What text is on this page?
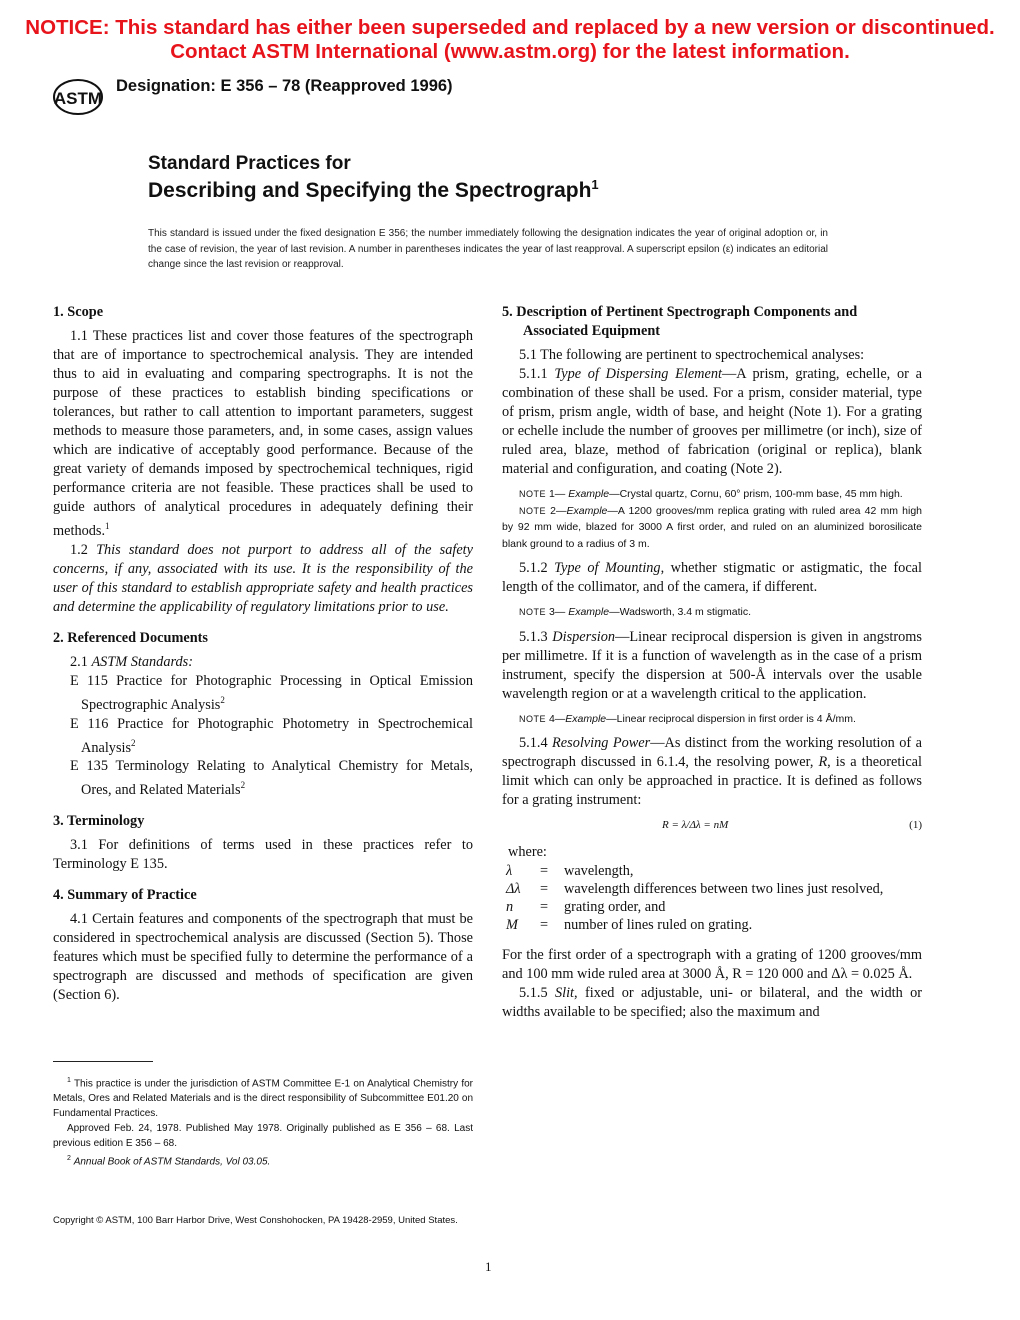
NOTICE: This standard has either been superseded and replaced by a new version or discontinued.
Contact ASTM International (www.astm.org) for the latest information.
ASTM
Designation: E 356 – 78 (Reapproved 1996)
Standard Practices for
Describing and Specifying the Spectrograph$^1$
This standard is issued under the fixed designation E 356; the number immediately following the designation indicates the year of original adoption or, in the case of revision, the year of last revision. A number in parentheses indicates the year of last reapproval. A superscript epsilon (ε) indicates an editorial change since the last revision or reapproval.
1. Scope

1.1 These practices list and cover those features of the spectrograph that are of importance to spectrochemical analysis. They are intended thus to aid in evaluating and comparing spectrographs. It is not the purpose of these practices to establish binding specifications or tolerances, but rather to call attention to important parameters, suggest methods to measure those parameters, and, in some cases, assign values which are indicative of acceptably good performance. Because of the great variety of demands imposed by spectrochemical techniques, rigid performance criteria are not feasible. These practices shall be used to guide authors of analytical procedures in adequately defining their methods.$^1$

1.2 This standard does not purport to address all of the safety concerns, if any, associated with its use. It is the responsibility of the user of this standard to establish appropriate safety and health practices and determine the applicability of regulatory limitations prior to use.

2. Referenced Documents

2.1 ASTM Standards:

E 115 Practice for Photographic Processing in Optical Emission Spectrographic Analysis$^2$

E 116 Practice for Photographic Photometry in Spectrochemical Analysis$^2$

E 135 Terminology Relating to Analytical Chemistry for Metals, Ores, and Related Materials$^2$

3. Terminology

3.1 For definitions of terms used in these practices refer to Terminology E 135.

4. Summary of Practice

4.1 Certain features and components of the spectrograph that must be considered in spectrochemical analysis are discussed (Section 5). Those features which must be specified fully to determine the performance of a spectrograph are discussed and methods of specification are given (Section 6).

5. Description of Pertinent Spectrograph Components and Associated Equipment

5.1 The following are pertinent to spectrochemical analyses:

5.1.1 Type of Dispersing Element—A prism, grating, echelle, or a combination of these shall be used. For a prism, consider material, type of prism, prism angle, width of base, and height (Note 1). For a grating or echelle include the number of grooves per millimetre (or inch), size of ruled area, blaze, method of fabrication (original or replica), blank material and configuration, and coating (Note 2).

NOTE 1— Example—Crystal quartz, Cornu, 60° prism, 100-mm base, 45 mm high.

NOTE 2—Example—A 1200 grooves/mm replica grating with ruled area 42 mm high by 92 mm wide, blazed for 3000 A first order, and ruled on an aluminized borosilicate blank ground to a radius of 3 m.

5.1.2 Type of Mounting, whether stigmatic or astigmatic, the focal length of the collimator, and of the camera, if different.

NOTE 3— Example—Wadsworth, 3.4 m stigmatic.

5.1.3 Dispersion—Linear reciprocal dispersion is given in angstroms per millimetre. If it is a function of wavelength as in the case of a prism instrument, specify the dispersion at 500-Å intervals over the usable wavelength region or at a wavelength critical to the application.

NOTE 4—Example—Linear reciprocal dispersion in first order is 4 Å/mm.

5.1.4 Resolving Power—As distinct from the working resolution of a spectrograph discussed in 6.1.4, the resolving power, R, is a theoretical limit which can only be approached in practice. It is defined as follows for a grating instrument:

R = λ/Δλ = nM	(1)
where:
λ	=	wavelength,
Δλ	=	wavelength differences between two lines just resolved,
n	=	grating order, and
M	=	number of lines ruled on grating.

For the first order of a spectrograph with a grating of 1200 grooves/mm and 100 mm wide ruled area at 3000 Å, R = 120 000 and Δλ = 0.025 Å.

5.1.5 Slit, fixed or adjustable, uni- or bilateral, and the width or widths available to be specified; also the maximum and

$^1$ This practice is under the jurisdiction of ASTM Committee E-1 on Analytical Chemistry for Metals, Ores and Related Materials and is the direct responsibility of Subcommittee E01.20 on Fundamental Practices.

Approved Feb. 24, 1978. Published May 1978. Originally published as E 356 – 68. Last previous edition E 356 – 68.

$^2$ Annual Book of ASTM Standards, Vol 03.05.

Copyright © ASTM, 100 Barr Harbor Drive, West Conshohocken, PA 19428-2959, United States.
1
